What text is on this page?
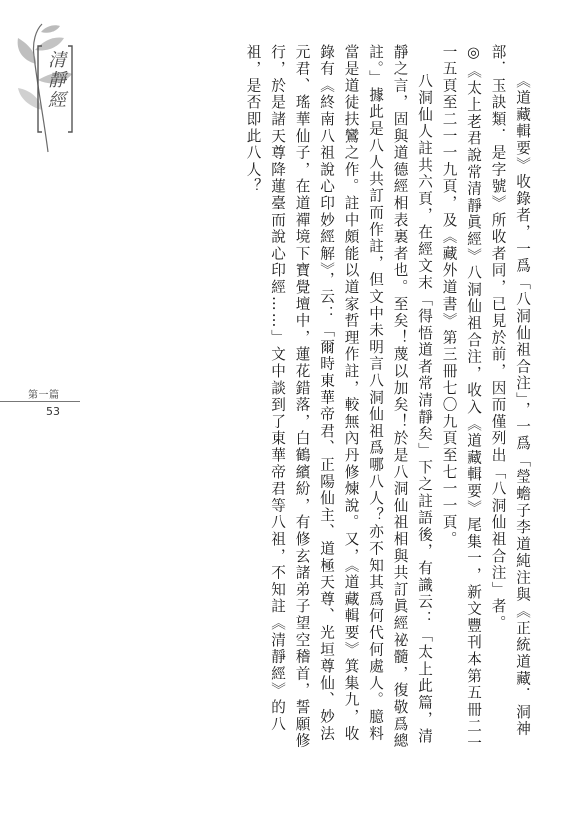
清靜經	《道藏輯要》收錄者，一爲「八洞仙祖合注」，一爲「瑩蟾子李道純注與《正統道藏．洞神部．玉訣類．是字號》所收者同，已見於前，因而僅列出「八洞仙祖合注」者。

◎《太上老君說常清靜眞經》八洞仙祖合注，收入《道藏輯要》尾集一，新文豐刊本第五冊二一一五頁至二一一九頁，及《藏外道書》第三冊七〇九頁至七一一頁。

八洞仙人註共六頁，在經文末「得悟道者常清靜矣」下之註語後，有識云：「太上此篇，清靜之言，固與道德經相表裏者也。至矣！蔑以加矣！於是八洞仙祖相與共訂眞經祕髓，復敬爲總註。」據此是八人共訂而作註，但文中未明言八洞仙祖爲哪八人？亦不知其爲何代何處人。臆料當是道徒扶鸞之作。註中頗能以道家哲理作註，較無內丹修煉說。又，《道藏輯要》箕集九，收錄有《終南八祖說心印妙經解》，云：「爾時東華帝君、正陽仙主、道極天尊、光垣尊仙、妙法元君、瑤華仙子，在道禪境下寶覺壇中，蓮花錯落，白鶴繽紛，有修玄諸弟子望空稽首，誓願修行，於是諸天尊降蓮臺而說心印經……」文中談到了東華帝君等八祖，不知註《清靜經》的八祖，是否即此八人？

第一篇
53
